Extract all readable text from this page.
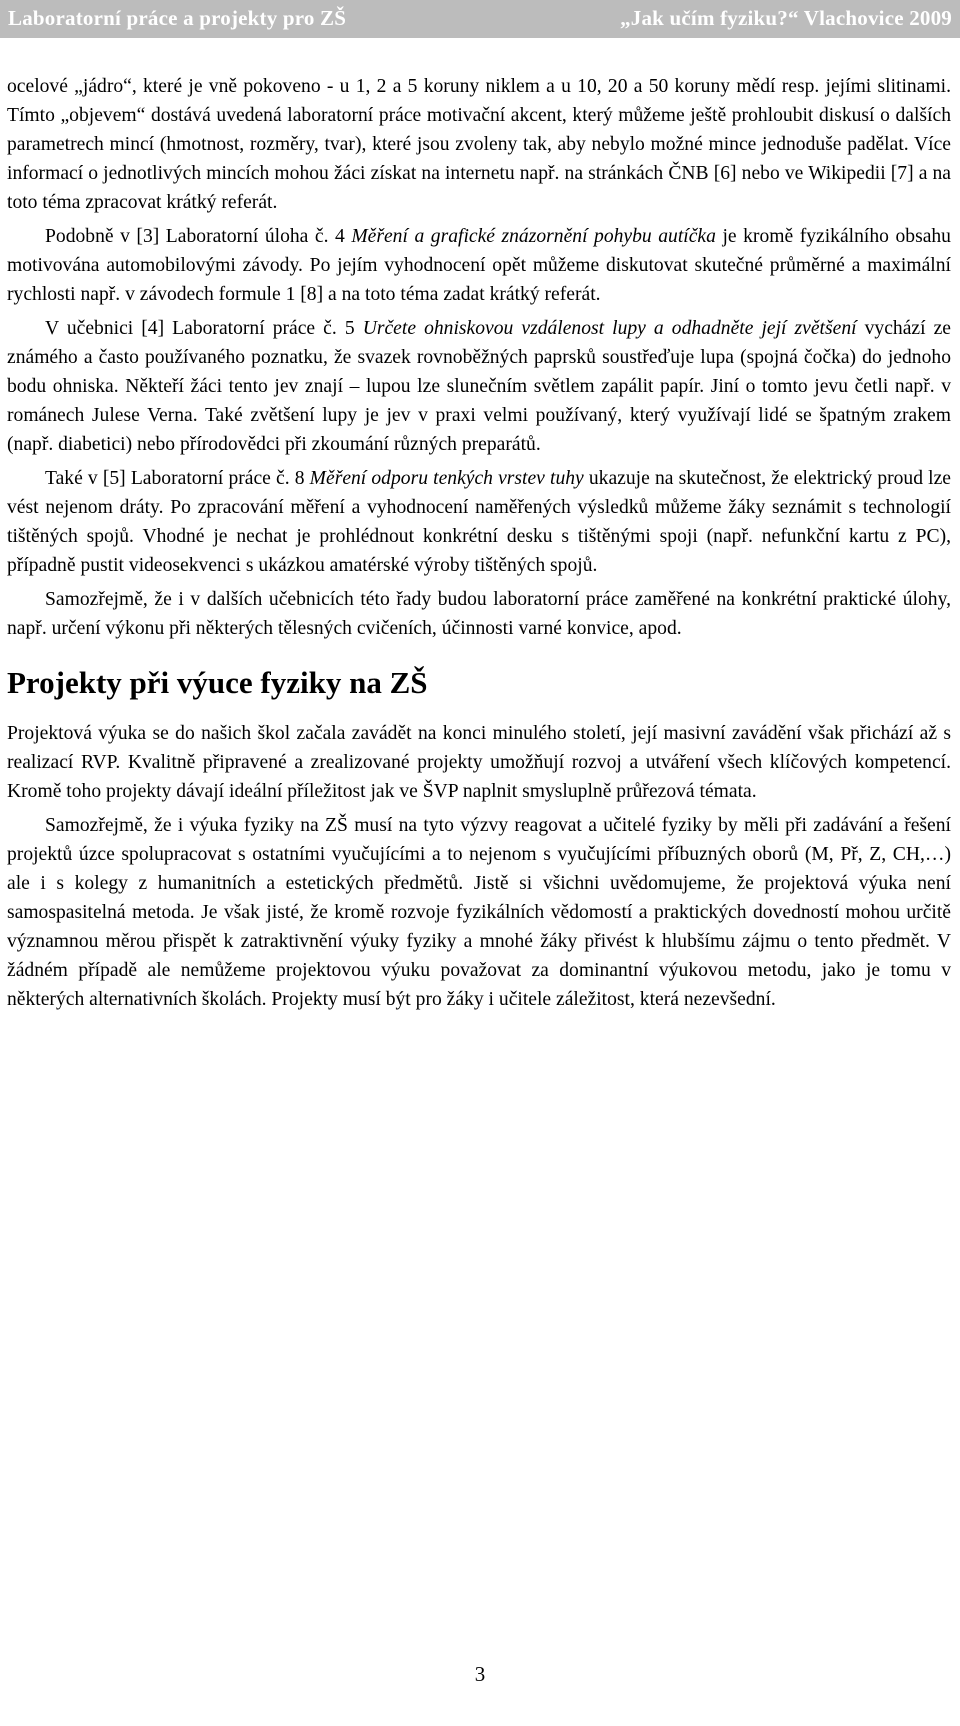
Laboratorní práce a projekty pro ZŠ	„Jak učím fyziku?“ Vlachovice 2009

ocelové „jádro“, které je vně pokoveno - u 1, 2 a 5 koruny niklem a u 10, 20 a 50 koruny mědí resp. jejími slitinami. Tímto „objevem“ dostává uvedená laboratorní práce motivační akcent, který můžeme ještě prohloubit diskusí o dalších parametrech mincí (hmotnost, rozměry, tvar), které jsou zvoleny tak, aby nebylo možné mince jednoduše padělat. Více informací o jednotlivých mincích mohou žáci získat na internetu např. na stránkách ČNB [6] nebo ve Wikipedii [7] a na toto téma zpracovat krátký referát.

Podobně v [3] Laboratorní úloha č. 4 Měření a grafické znázornění pohybu autíčka je kromě fyzikálního obsahu motivována automobilovými závody. Po jejím vyhodnocení opět můžeme diskutovat skutečné průměrné a maximální rychlosti např. v závodech formule 1 [8] a na toto téma zadat krátký referát.

V učebnici [4] Laboratorní práce č. 5 Určete ohniskovou vzdálenost lupy a odhadněte její zvětšení vychází ze známého a často používaného poznatku, že svazek rovnoběžných paprsků soustřeďuje lupa (spojná čočka) do jednoho bodu ohniska. Někteří žáci tento jev znají – lupou lze slunečním světlem zapálit papír. Jiní o tomto jevu četli např. v románech Julese Verna. Také zvětšení lupy je jev v praxi velmi používaný, který využívají lidé se špatným zrakem (např. diabetici) nebo přírodovědci při zkoumání různých preparátů.

Také v [5] Laboratorní práce č. 8 Měření odporu tenkých vrstev tuhy ukazuje na skutečnost, že elektrický proud lze vést nejenom dráty. Po zpracování měření a vyhodnocení naměřených výsledků můžeme žáky seznámit s technologií tištěných spojů. Vhodné je nechat je prohlédnout konkrétní desku s tištěnými spoji (např. nefunkční kartu z PC), případně pustit videosekvenci s ukázkou amatérské výroby tištěných spojů.

Samozřejmě, že i v dalších učebnicích této řady budou laboratorní práce zaměřené na konkrétní praktické úlohy, např. určení výkonu při některých tělesných cvičeních, účinnosti varné konvice, apod.

Projekty při výuce fyziky na ZŠ

Projektová výuka se do našich škol začala zavádět na konci minulého století, její masivní zavádění však přichází až s realizací RVP. Kvalitně připravené a zrealizované projekty umožňují rozvoj a utváření všech klíčových kompetencí. Kromě toho projekty dávají ideální příležitost jak ve ŠVP naplnit smysluplně průřezová témata.

Samozřejmě, že i výuka fyziky na ZŠ musí na tyto výzvy reagovat a učitelé fyziky by měli při zadávání a řešení projektů úzce spolupracovat s ostatními vyučujícími a to nejenom s vyučujícími příbuzných oborů (M, Př, Z, CH,…) ale i s kolegy z humanitních a estetických předmětů. Jistě si všichni uvědomujeme, že projektová výuka není samospasitelná metoda. Je však jisté, že kromě rozvoje fyzikálních vědomostí a praktických dovedností mohou určitě významnou měrou přispět k zatraktivnění výuky fyziky a mnohé žáky přivést k hlubšímu zájmu o tento předmět. V žádném případě ale nemůžeme projektovou výuku považovat za dominantní výukovou metodu, jako je tomu v některých alternativních školách. Projekty musí být pro žáky i učitele záležitost, která nezevšední.

3
